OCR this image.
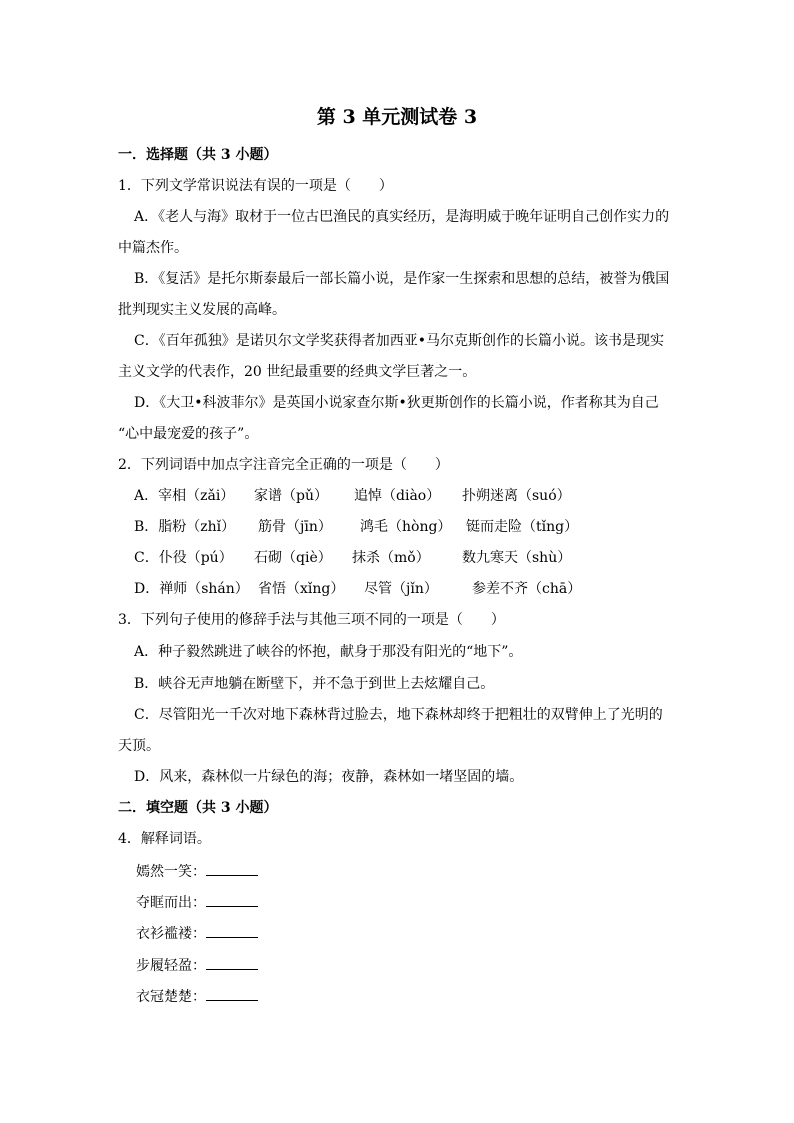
第 3 单元测试卷 3
一．选择题（共 3 小题）
1．下列文学常识说法有误的一项是（　　）
A．《老人与海》取材于一位古巴渔民的真实经历，是海明威于晚年证明自己创作实力的
中篇杰作。
B．《复活》是托尔斯泰最后一部长篇小说，是作家一生探索和思想的总结，被誉为俄国
批判现实主义发展的高峰。
C．《百年孤独》是诺贝尔文学奖获得者加西亚•马尔克斯创作的长篇小说。该书是现实
主义文学的代表作，20 世纪最重要的经典文学巨著之一。
D．《大卫•科波菲尔》是英国小说家查尔斯•狄更斯创作的长篇小说，作者称其为自己
“心中最宠爱的孩子”。
2．下列词语中加点字注音完全正确的一项是（　　）
A．宰相（zǎi） 家谱（pǔ） 追悼（diào） 扑朔迷离（suó）
B．脂粉（zhǐ） 筋骨（jīn） 鸿毛（hòng） 铤而走险（tǐng）
C．仆役（pú） 石砌（qiè） 抹杀（mǒ） 数九寒天（shù）
D．禅师（shán） 省悟（xǐng） 尽管（jǐn） 参差不齐（chā）
3．下列句子使用的修辞手法与其他三项不同的一项是（　　）
A．种子毅然跳进了峡谷的怀抱，献身于那没有阳光的“地下”。
B．峡谷无声地躺在断壁下，并不急于到世上去炫耀自己。
C．尽管阳光一千次对地下森林背过脸去，地下森林却终于把粗壮的双臂伸上了光明的
天顶。
D．风来，森林似一片绿色的海；夜静，森林如一堵坚固的墙。
二．填空题（共 3 小题）
4．解释词语。
嫣然一笑：
夺眶而出：
衣衫褴褛：
步履轻盈：
衣冠楚楚：
